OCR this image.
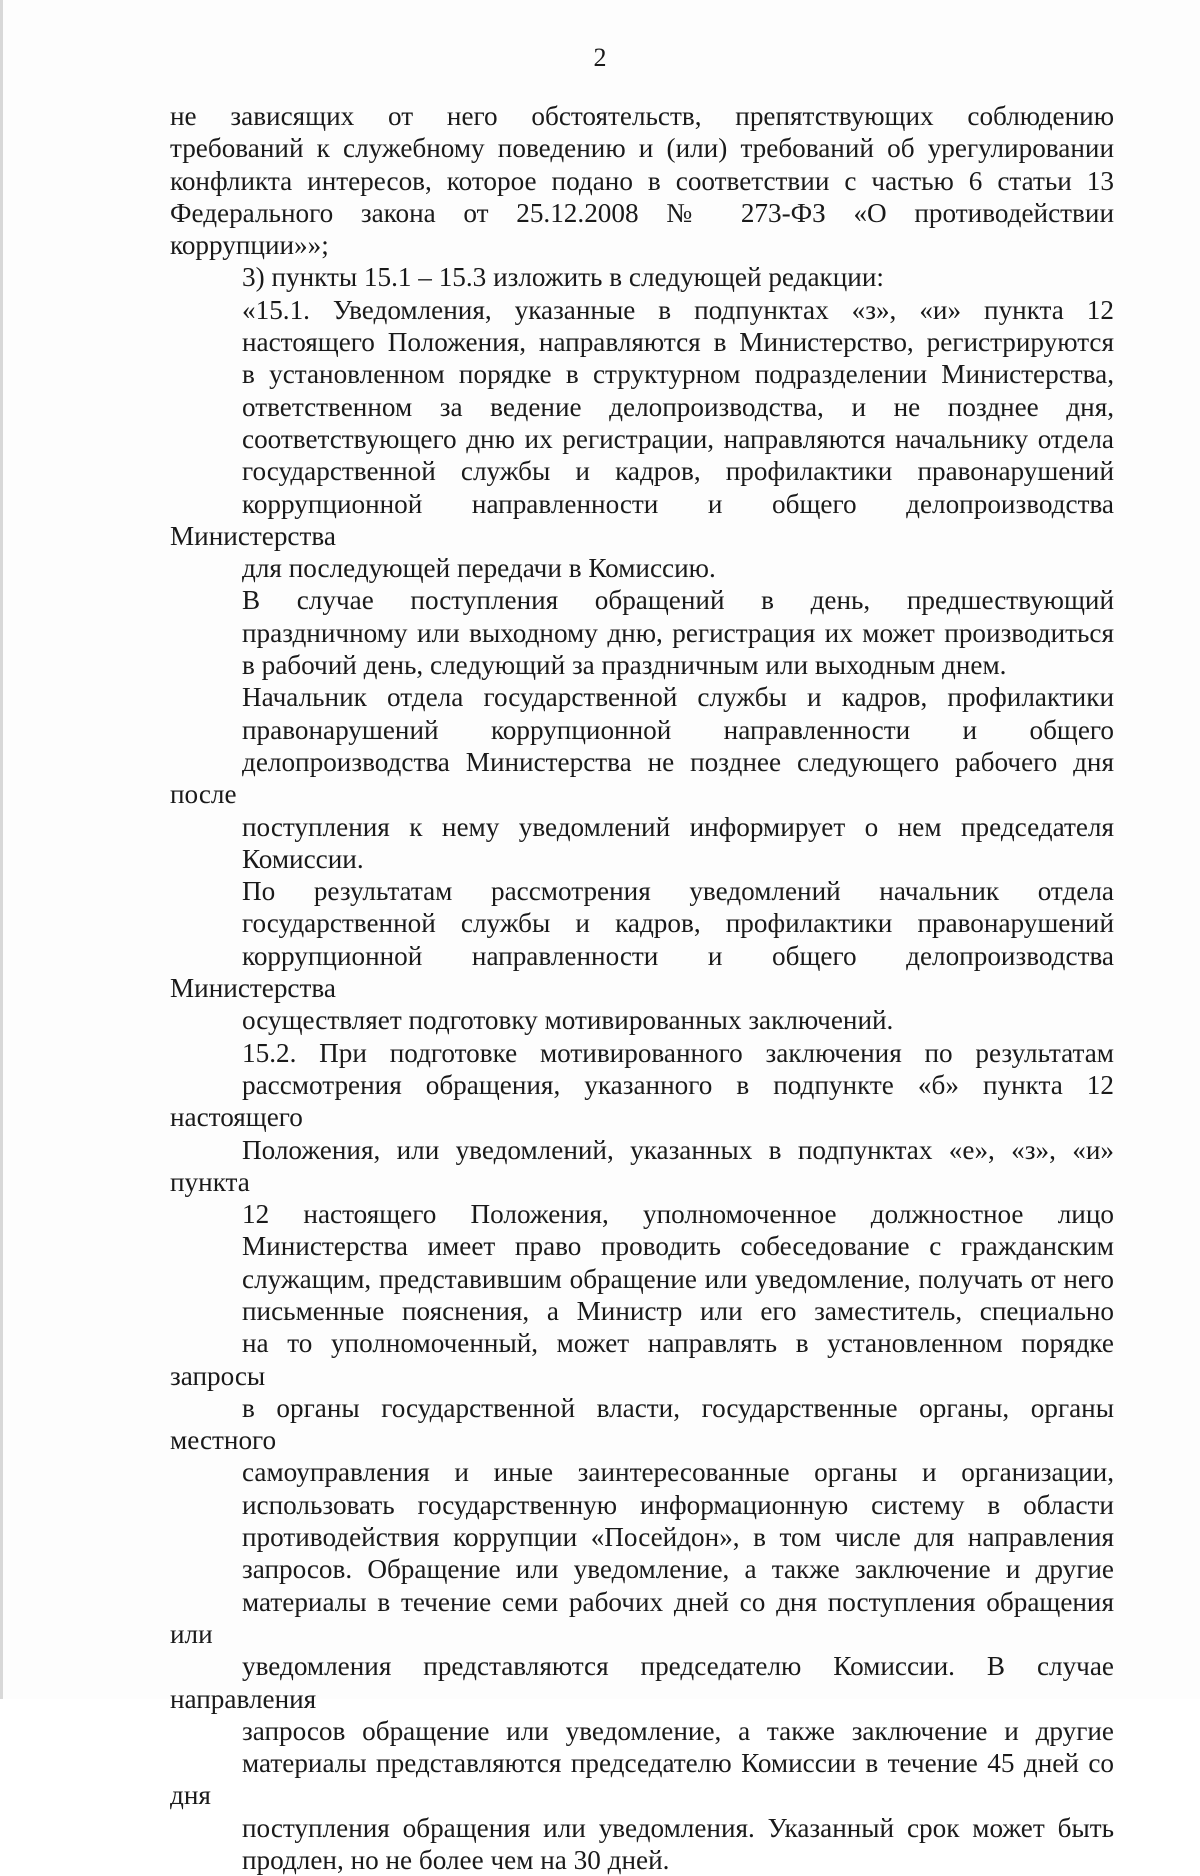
2
не зависящих от него обстоятельств, препятствующих соблюдению
требований к служебному поведению и (или) требований об урегулировании
конфликта интересов, которое подано в соответствии с частью 6 статьи 13
Федерального закона от 25.12.2008 № 273-ФЗ «О противодействии
коррупции»»;
3) пункты 15.1 – 15.3 изложить в следующей редакции:
«15.1. Уведомления, указанные в подпунктах «з», «и» пункта 12
настоящего Положения, направляются в Министерство, регистрируются
в установленном порядке в структурном подразделении Министерства,
ответственном за ведение делопроизводства, и не позднее дня,
соответствующего дню их регистрации, направляются начальнику отдела
государственной службы и кадров, профилактики правонарушений
коррупционной направленности и общего делопроизводства Министерства
для последующей передачи в Комиссию.
В случае поступления обращений в день, предшествующий
праздничному или выходному дню, регистрация их может производиться
в рабочий день, следующий за праздничным или выходным днем.
Начальник отдела государственной службы и кадров, профилактики
правонарушений коррупционной направленности и общего
делопроизводства Министерства не позднее следующего рабочего дня после
поступления к нему уведомлений информирует о нем председателя
Комиссии.
По результатам рассмотрения уведомлений начальник отдела
государственной службы и кадров, профилактики правонарушений
коррупционной направленности и общего делопроизводства Министерства
осуществляет подготовку мотивированных заключений.
15.2. При подготовке мотивированного заключения по результатам
рассмотрения обращения, указанного в подпункте «б» пункта 12 настоящего
Положения, или уведомлений, указанных в подпунктах «е», «з», «и» пункта
12 настоящего Положения, уполномоченное должностное лицо
Министерства имеет право проводить собеседование с гражданским
служащим, представившим обращение или уведомление, получать от него
письменные пояснения, а Министр или его заместитель, специально
на то уполномоченный, может направлять в установленном порядке запросы
в органы государственной власти, государственные органы, органы местного
самоуправления и иные заинтересованные органы и организации,
использовать государственную информационную систему в области
противодействия коррупции «Посейдон», в том числе для направления
запросов. Обращение или уведомление, а также заключение и другие
материалы в течение семи рабочих дней со дня поступления обращения или
уведомления представляются председателю Комиссии. В случае направления
запросов обращение или уведомление, а также заключение и другие
материалы представляются председателю Комиссии в течение 45 дней со дня
поступления обращения или уведомления. Указанный срок может быть
продлен, но не более чем на 30 дней.
